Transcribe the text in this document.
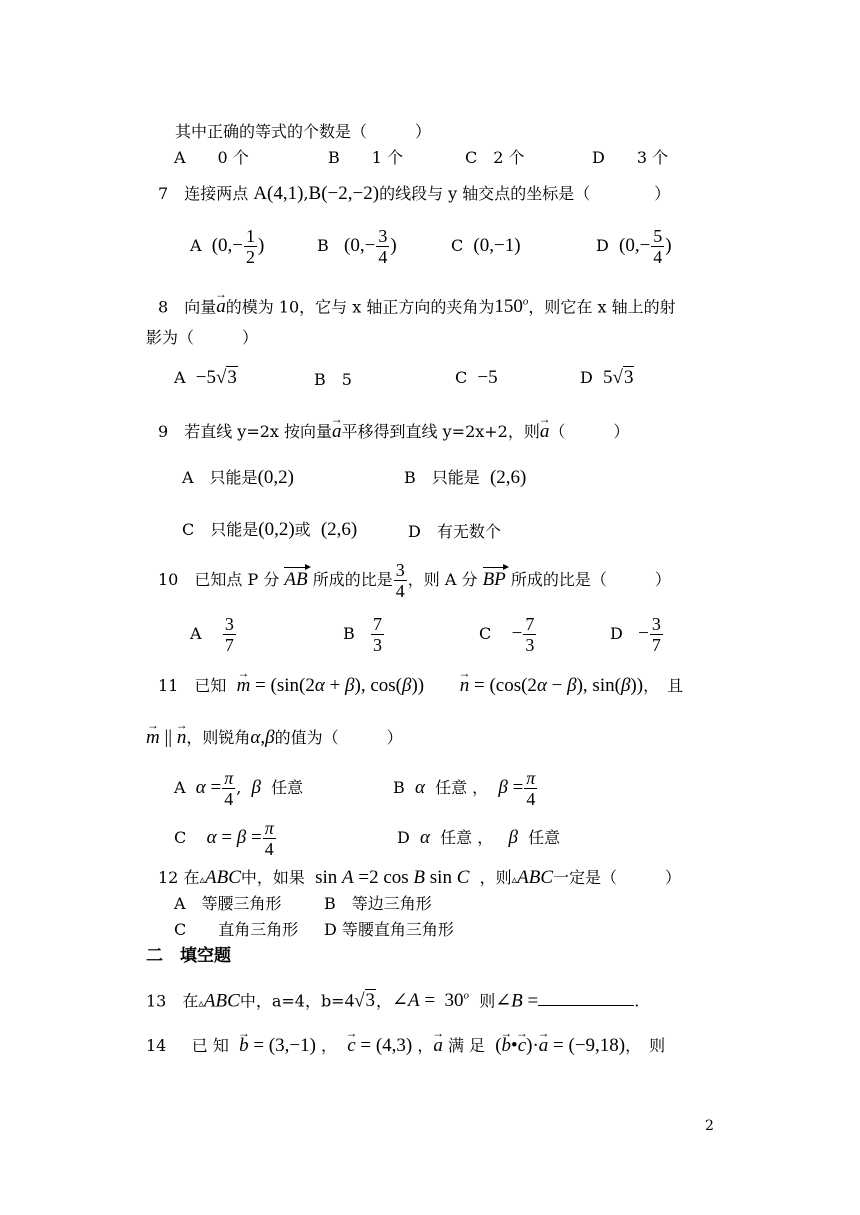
其中正确的等式的个数是（　　　）
A　　0 个	B　　1 个	C　2 个	D　　3 个
7　 连接两点 A(4,1),B(−2,−2)的线段与 y 轴交点的坐标是（　　　　）
A ($0,- \frac{1}{2}$ )	B ($0,- \frac{3}{4}$ )	C (0,−1)	D ($0,- \frac{5}{4}$ )
8　 向量→ a的模为 10，它与 x 轴正方向的夹角为150$^o$，则它在 x 轴上的射
影为（　　　）
A −5√3	B　5	C −5	D 5√3
9　 若直线 y=2x 按向量→ a平移得到直线 y=2x+2，则→ a（　　　）
A　只能是(0,2)	B　只能是 (2,6)
C　只能是(0,2)或 (2,6)	D　有无数个
10　 已知点 P 分 AB 所成的比是 $\frac{3}{4}$ ，则 A 分 BP 所成的比是（　　　）
A $\frac{3}{7}$	B $\frac{7}{3}$	$C - \frac{7}{3}$	$D - \frac{3}{7}$
11　 已知 → m = (sin(2α + β), cos(β)) → n = (cos(2α − β), sin(β))，　且
→ m || → n，则锐角α,β的值为（　　　）
A $\alpha = \frac{\pi}{4}$ ,  β 任意	B α 任意 ， $\beta = \frac{\pi}{4}$
C $\alpha = \beta = \frac{\pi}{4}$	D α 任意 ， β 任意
12 在▵ABC中，如果 sin A =2 cos B sin C ，则▵ABC一定是（　　　）
A　等腰三角形	B　等边三角形
C　　直角三角形 D 等腰直角三角形
二　填空题
13　 在▵ABC中，a=4，b=4√3，∠A =  30$^o$ 则∠B =	.
14 已 知 → b = (3,−1) ， → c = (4,3) ，→ a 满 足 (→ b•→ c)·→ a = (−9,18)，　则
2
